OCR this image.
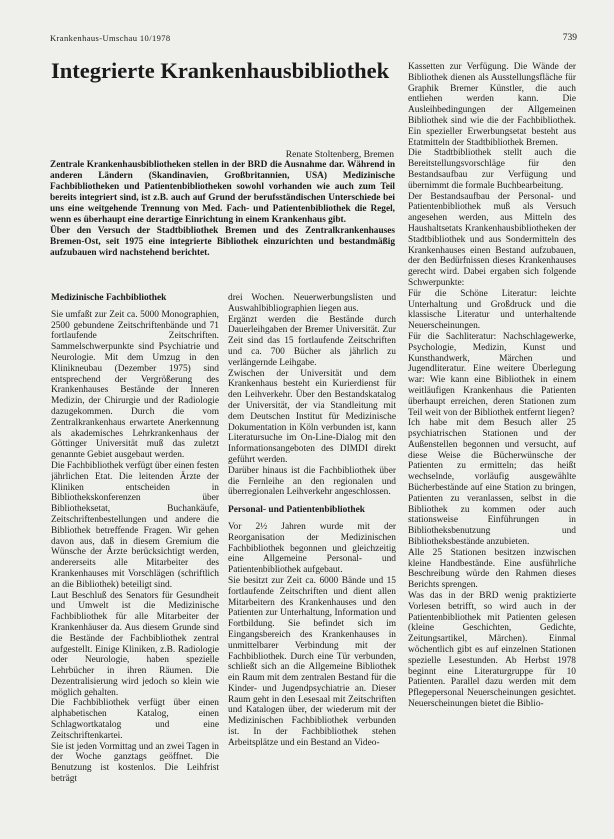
Krankenhaus-Umschau 10/1978	739
Integrierte Krankenhausbibliothek
Renate Stoltenberg, Bremen

Zentrale Krankenhausbibliotheken stellen in der BRD die Ausnahme dar. Während in anderen Ländern (Skandinavien, Großbritannien, USA) Medizinische Fachbibliotheken und Patientenbibliotheken sowohl vorhanden wie auch zum Teil bereits integriert sind, ist z.B. auch auf Grund der berufsständischen Unterschiede bei uns eine weitgehende Trennung von Med. Fach- und Patientenbibliothek die Regel, wenn es überhaupt eine derartige Einrichtung in einem Krankenhaus gibt.

Über den Versuch der Stadtbibliothek Bremen und des Zentralkrankenhauses Bremen-Ost, seit 1975 eine integrierte Bibliothek einzurichten und bestandmäßig aufzubauen wird nachstehend berichtet.

Medizinische Fachbibliothek

Sie umfaßt zur Zeit ca. 5000 Monographien, 2500 gebundene Zeitschriftenbände und 71 fortlaufende Zeitschriften. Sammelschwerpunkte sind Psychiatrie und Neurologie. Mit dem Umzug in den Klinikneubau (Dezember 1975) sind entsprechend der Vergrößerung des Krankenhauses Bestände der Inneren Medizin, der Chirurgie und der Radiologie dazugekommen. Durch die vom Zentralkrankenhaus erwartete Anerkennung als akademisches Lehrkrankenhaus der Göttinger Universität muß das zuletzt genannte Gebiet ausgebaut werden.

Die Fachbibliothek verfügt über einen festen jährlichen Etat. Die leitenden Ärzte der Kliniken entscheiden in Bibliothekskonferenzen über Bibliotheksetat, Buchankäufe, Zeitschriftenbestellungen und andere die Bibliothek betreffende Fragen. Wir gehen davon aus, daß in diesem Gremium die Wünsche der Ärzte berücksichtigt werden, andererseits alle Mitarbeiter des Krankenhauses mit Vorschlägen (schriftlich an die Bibliothek) beteiligt sind.

Laut Beschluß des Senators für Gesundheit und Umwelt ist die Medizinische Fachbibliothek für alle Mitarbeiter der Krankenhäuser da. Aus diesem Grunde sind die Bestände der Fachbibliothek zentral aufgestellt. Einige Kliniken, z.B. Radiologie oder Neurologie, haben spezielle Lehrbücher in ihren Räumen. Die Dezentralisierung wird jedoch so klein wie möglich gehalten.

Die Fachbibliothek verfügt über einen alphabetischen Katalog, einen Schlagwortkatalog und eine Zeitschriftenkartei.

Sie ist jeden Vormittag und an zwei Tagen in der Woche ganztags geöffnet. Die Benutzung ist kostenlos. Die Leihfrist beträgt

drei Wochen. Neuerwerbungslisten und Auswahlbibliographien liegen aus.

Ergänzt werden die Bestände durch Dauerleihgaben der Bremer Universität. Zur Zeit sind das 15 fortlaufende Zeitschriften und ca. 700 Bücher als jährlich zu verlängernde Leihgabe.

Zwischen der Universität und dem Krankenhaus besteht ein Kurierdienst für den Leihverkehr. Über den Bestandskatalog der Universität, der via Standleitung mit dem Deutschen Institut für Medizinische Dokumentation in Köln verbunden ist, kann Literatursuche im On-Line-Dialog mit den Informationsangeboten des DIMDI direkt geführt werden.

Darüber hinaus ist die Fachbibliothek über die Fernleihe an den regionalen und überregionalen Leihverkehr angeschlossen.

Personal- und Patientenbibliothek

Vor 2½ Jahren wurde mit der Reorganisation der Medizinischen Fachbibliothek begonnen und gleichzeitig eine Allgemeine Personal- und Patientenbibliothek aufgebaut.

Sie besitzt zur Zeit ca. 6000 Bände und 15 fortlaufende Zeitschriften und dient allen Mitarbeitern des Krankenhauses und den Patienten zur Unterhaltung, Information und Fortbildung. Sie befindet sich im Eingangsbereich des Krankenhauses in unmittelbarer Verbindung mit der Fachbibliothek. Durch eine Tür verbunden, schließt sich an die Allgemeine Bibliothek ein Raum mit dem zentralen Bestand für die Kinder- und Jugendpsychiatrie an. Dieser Raum geht in den Lesesaal mit Zeitschriften und Katalogen über, der wiederum mit der Medizinischen Fachbibliothek verbunden ist. In der Fachbibliothek stehen Arbeitsplätze und ein Bestand an Video-

Kassetten zur Verfügung. Die Wände der Bibliothek dienen als Ausstellungsfläche für Graphik Bremer Künstler, die auch entliehen werden kann. Die Ausleihbedingungen der Allgemeinen Bibliothek sind wie die der Fachbibliothek. Ein spezieller Erwerbungsetat besteht aus Etatmitteln der Stadtbibliothek Bremen.

Die Stadtbibliothek stellt auch die Bereitstellungsvorschläge für den Bestandsaufbau zur Verfügung und übernimmt die formale Buchbearbeitung.

Der Bestandsaufbau der Personal- und Patientenbibliothek muß als Versuch angesehen werden, aus Mitteln des Haushaltsetats Krankenhausbibliotheken der Stadtbibliothek und aus Sondermitteln des Krankenhauses einen Bestand aufzubauen, der den Bedürfnissen dieses Krankenhauses gerecht wird. Dabei ergaben sich folgende Schwerpunkte:

Für die Schöne Literatur: leichte Unterhaltung und Großdruck und die klassische Literatur und unterhaltende Neuerscheinungen.

Für die Sachliteratur: Nachschlagewerke, Psychologie, Medizin, Kunst und Kunsthandwerk, Märchen und Jugendliteratur. Eine weitere Überlegung war: Wie kann eine Bibliothek in einem weitläufigen Krankenhaus die Patienten überhaupt erreichen, deren Stationen zum Teil weit von der Bibliothek entfernt liegen?

Ich habe mit dem Besuch aller 25 psychiatrischen Stationen und der Außenstellen begonnen und versucht, auf diese Weise die Bücherwünsche der Patienten zu ermitteln; das heißt wechselnde, vorläufig ausgewählte Bücherbestände auf eine Station zu bringen, Patienten zu veranlassen, selbst in die Bibliothek zu kommen oder auch stationsweise Einführungen in Bibliotheksbenutzung und Bibliotheksbestände anzubieten.

Alle 25 Stationen besitzen inzwischen kleine Handbestände. Eine ausführliche Beschreibung würde den Rahmen dieses Berichts sprengen.

Was das in der BRD wenig praktizierte Vorlesen betrifft, so wird auch in der Patientenbibliothek mit Patienten gelesen (kleine Geschichten, Gedichte, Zeitungsartikel, Märchen). Einmal wöchentlich gibt es auf einzelnen Stationen spezielle Lesestunden. Ab Herbst 1978 beginnt eine Literaturgruppe für 10 Patienten. Parallel dazu werden mit dem Pflegepersonal Neuerscheinungen gesichtet. Neuerscheinungen bietet die Biblio-
